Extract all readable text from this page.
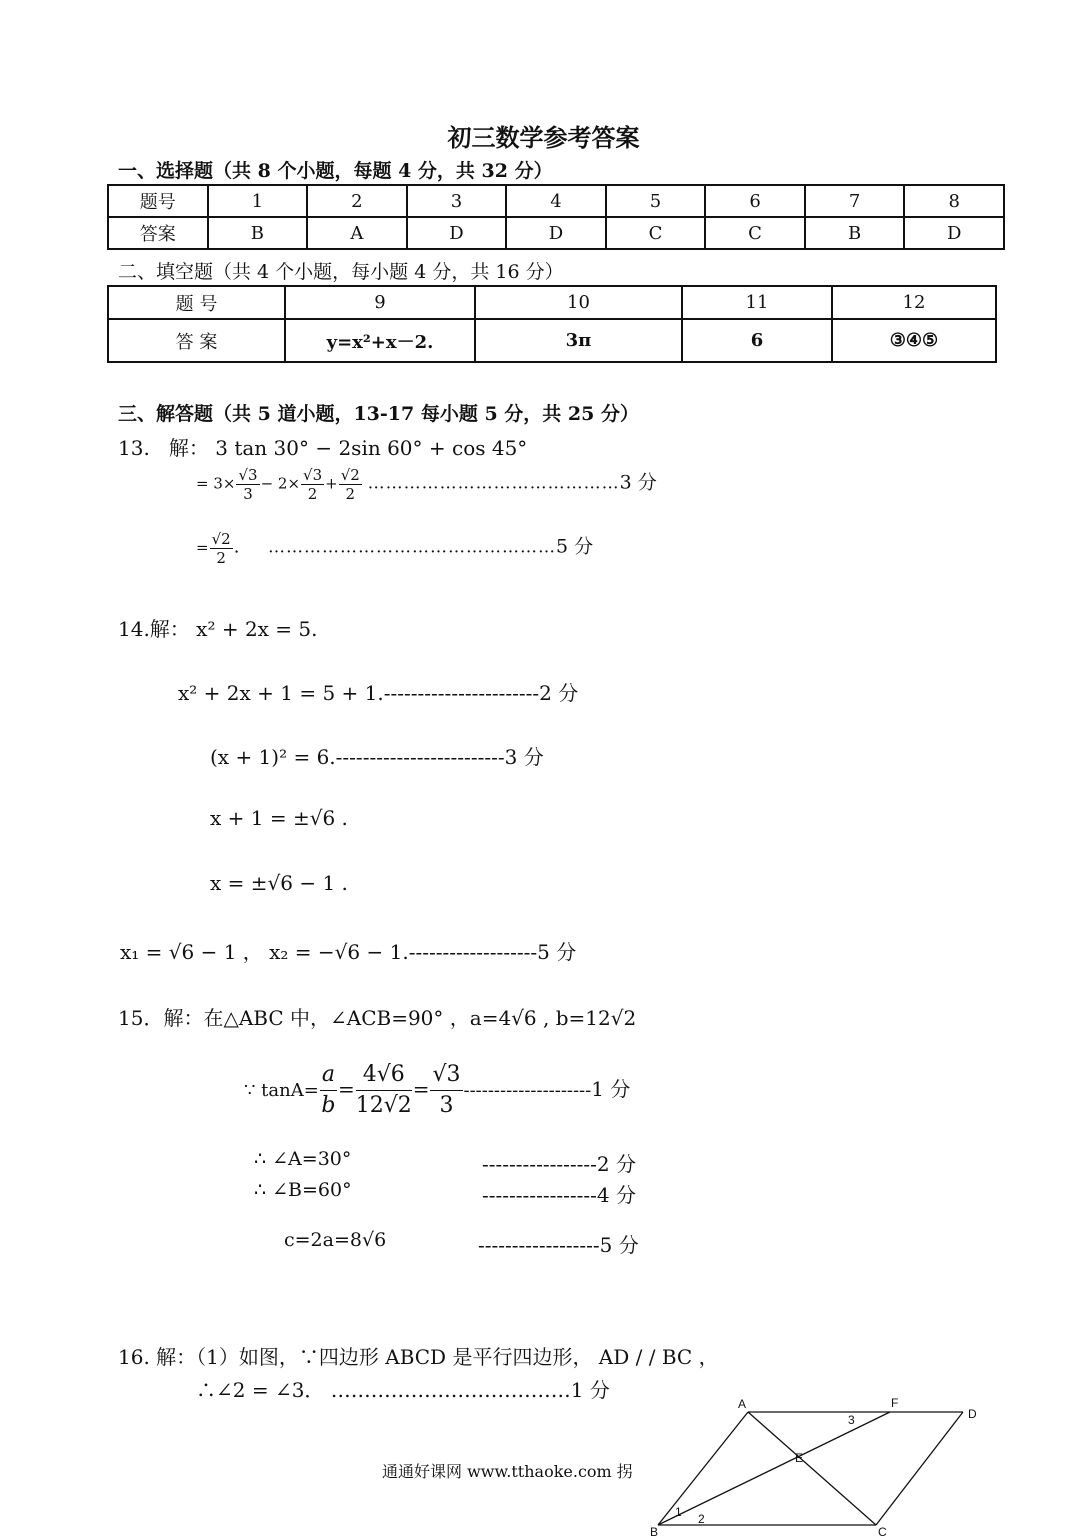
初三数学参考答案
一、选择题（共 8 个小题，每题 4 分，共 32 分）
题号	1	2	3	4	5	6	7	8
答案	B	A	D	D	C	C	B	D
二、填空题（共 4 个小题，每小题 4 分，共 16 分）
题 号	9	10	11	12
答 案	y=x²+x－2.	3π	6	③④⑤
三、解答题（共 5 道小题，13-17 每小题 5 分，共 25 分）
13. 解： 3 tan 30° − 2sin 60° + cos 45°
= $3\times \frac{√3}{3} - 2\times \frac{√3}{2} + \frac{√2}{2}$ ……………………………………3 分
= $\frac{√2}{2}$ . …………………………………………5 分
14.解： x² + 2x = 5.
x² + 2x + 1 = 5 + 1.-----------------------2 分
(x + 1)² = 6.-------------------------3 分
x + 1 = ±√6 .
x = ±√6 − 1 .
x₁ = √6 − 1 ， x₂ = −√6 − 1.-------------------5 分
15．解：在△ABC 中，∠ACB=90° ，a=4√6 , b=12√2
∵ $\tan A= \frac{a}{b} = \frac{4√6}{12√2} = \frac{√3}{3} ---------------------1$ 分
∴ ∠A=30°	-----------------2 分
∴ ∠B=60°	-----------------4 分
c=2a=8√6	------------------5 分
16. 解：（1）如图，∵四边形 ABCD 是平行四边形， AD / / BC ，
∴∠2 = ∠3． ………………………………1 分
A
B	C
D
E
F
1 2
3
通通好课网 www.tthaoke.com 拐
